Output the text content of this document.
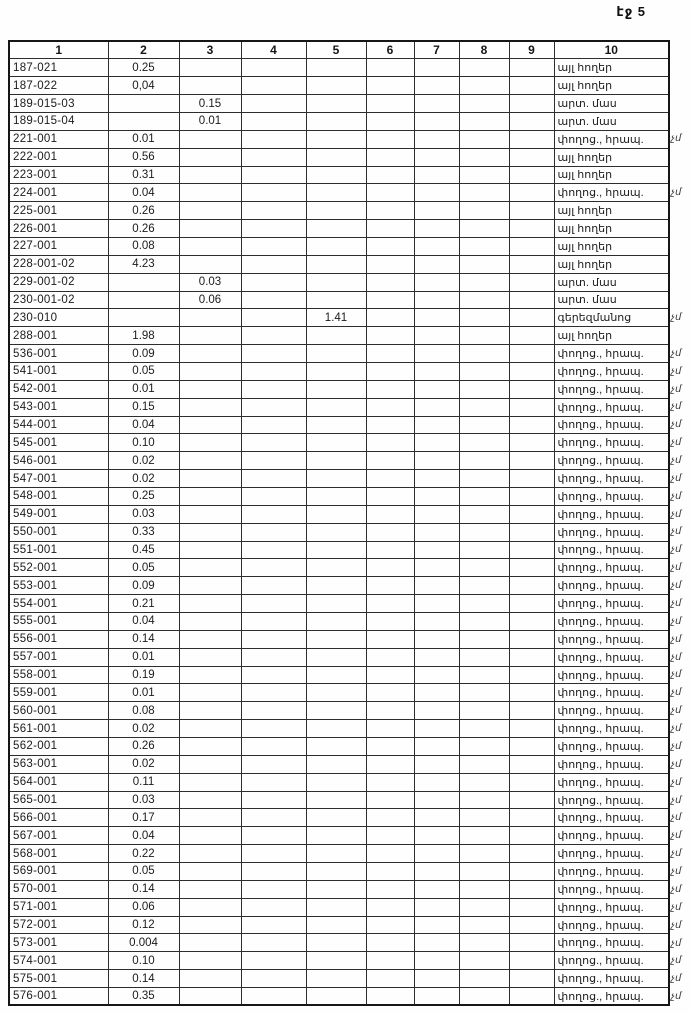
էջ 5
1	2	3	4	5	6	7	8	9	10
187-021	0.25								այլ հողեր
187-022	0,04								այլ հողեր
189-015-03		0.15							արտ. մաս
189-015-04		0.01							արտ. մաս
221-001	0.01								փողոց., հրապ.
222-001	0.56								այլ հողեր
223-001	0.31								այլ հողեր
224-001	0.04								փողոց., հրապ.
225-001	0.26								այլ հողեր
226-001	0.26								այլ հողեր
227-001	0.08								այլ հողեր
228-001-02	4.23								այլ հողեր
229-001-02		0.03							արտ. մաս
230-001-02		0.06							արտ. մաս
230-010				1.41					գերեզմանոց
288-001	1.98								այլ հողեր
536-001	0.09								փողոց., հրապ.
541-001	0.05								փողոց., հրապ.
542-001	0.01								փողոց., հրապ.
543-001	0.15								փողոց., հրապ.
544-001	0.04								փողոց., հրապ.
545-001	0.10								փողոց., հրապ.
546-001	0.02								փողոց., հրապ.
547-001	0.02								փողոց., հրապ.
548-001	0.25								փողոց., հրապ.
549-001	0.03								փողոց., հրապ.
550-001	0.33								փողոց., հրապ.
551-001	0.45								փողոց., հրապ.
552-001	0.05								փողոց., հրապ.
553-001	0.09								փողոց., հրապ.
554-001	0.21								փողոց., հրապ.
555-001	0.04								փողոց., հրապ.
556-001	0.14								փողոց., հրապ.
557-001	0.01								փողոց., հրապ.
558-001	0.19								փողոց., հրապ.
559-001	0.01								փողոց., հրապ.
560-001	0.08								փողոց., հրապ.
561-001	0.02								փողոց., հրապ.
562-001	0.26								փողոց., հրապ.
563-001	0.02								փողոց., հրապ.
564-001	0.11								փողոց., հրապ.
565-001	0.03								փողոց., հրապ.
566-001	0.17								փողոց., հրապ.
567-001	0.04								փողոց., հրապ.
568-001	0.22								փողոց., հրապ.
569-001	0.05								փողոց., հրապ.
570-001	0.14								փողոց., հրապ.
571-001	0.06								փողոց., հրապ.
572-001	0.12								փողոց., հրապ.
573-001	0.004								փողոց., հրապ.
574-001	0.10								փողոց., հրապ.
575-001	0.14								փողոց., հրապ.
576-001	0.35								փողոց., հրապ.
չմ
չմ
չմ
չմ
չմ
չմ
չմ
չմ
չմ
չմ
չմ
չմ
չմ
չմ
չմ
չմ
չմ
չմ
չմ
չմ
չմ
չմ
չմ
չմ
չմ
չմ
չմ
չմ
չմ
չմ
չմ
չմ
չմ
չմ
չմ
չմ
չմ
չմ
չմ
չմ
